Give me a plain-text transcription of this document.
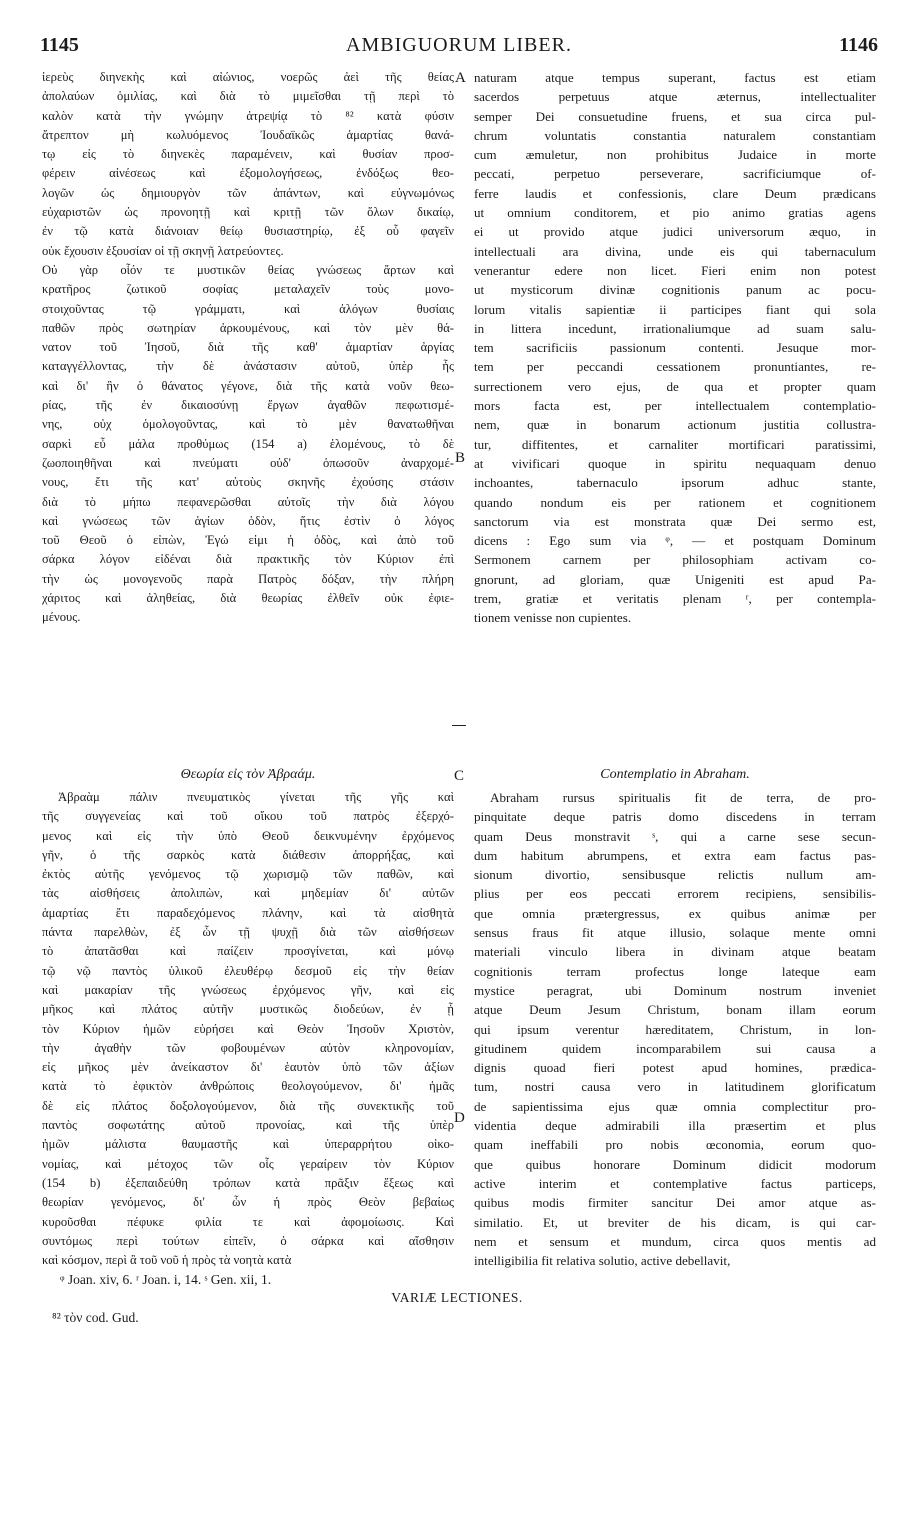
1145	AMBIGUORUM LIBER.	1146
ἱερεὺς διηνεκὴς καὶ αἰώνιος, νοερῶς ἀεὶ τῆς θείας
ἀπολαύων ὁμιλίας, καὶ διὰ τὸ μιμεῖσθαι τῇ περὶ τὸ
καλὸν κατὰ τὴν γνώμην ἀτρεψίᾳ τὸ ⁸² κατὰ φύσιν
ἄτρεπτον μὴ κωλυόμενος Ἰουδαϊκῶς ἁμαρτίας θανά-
τῳ εἰς τὸ διηνεκὲς παραμένειν, καὶ θυσίαν προσ-
φέρειν αἰνέσεως καὶ ἐξομολογήσεως, ἐνδόξως θεο-
λογῶν ὡς δημιουργὸν τῶν ἁπάντων, καὶ εὐγνωμόνως
εὐχαριστῶν ὡς προνοητῇ καὶ κριτῇ τῶν ὅλων δικαίῳ,
ἐν τῷ κατὰ διάνοιαν θείῳ θυσιαστηρίῳ, ἐξ οὗ φαγεῖν
οὐκ ἔχουσιν ἐξουσίαν οἱ τῇ σκηνῇ λατρεύοντες.
Οὐ γὰρ οἷόν τε μυστικῶν θείας γνώσεως ἄρτων καὶ
κρατῆρος ζωτικοῦ σοφίας μεταλαχεῖν τοὺς μονο-
στοιχοῦντας τῷ γράμματι, καὶ ἀλόγων θυσίαις
παθῶν πρὸς σωτηρίαν ἀρκουμένους, καὶ τὸν μὲν θά-
νατον τοῦ Ἰησοῦ, διὰ τῆς καθ' ἁμαρτίαν ἀργίας
καταγγέλλοντας, τὴν δὲ ἀνάστασιν αὐτοῦ, ὑπὲρ ἧς
καὶ δι' ἣν ὁ θάνατος γέγονε, διὰ τῆς κατὰ νοῦν θεω-
ρίας, τῆς ἐν δικαιοσύνῃ ἔργων ἀγαθῶν πεφωτισμέ-
νης, οὐχ ὁμολογοῦντας, καὶ τὸ μὲν θανατωθῆναι
σαρκὶ εὖ μάλα προθύμως (154 a) ἑλομένους, τὸ δὲ
ζωοποιηθῆναι καὶ πνεύματι οὐδ' ὁπωσοῦν ἀναρχομέ-
νους, ἔτι τῆς κατ' αὐτοὺς σκηνῆς ἐχούσης στάσιν
διὰ τὸ μήπω πεφανερῶσθαι αὐτοῖς τὴν διὰ λόγου
καὶ γνώσεως τῶν ἁγίων ὁδὸν, ἥτις ἐστὶν ὁ λόγος
τοῦ Θεοῦ ὁ εἰπὼν, Ἐγώ εἰμι ἡ ὁδὸς, καὶ ἀπὸ τοῦ
σάρκα λόγον εἰδέναι διὰ πρακτικῆς τὸν Κύριον ἐπὶ
τὴν ὡς μονογενοῦς παρὰ Πατρὸς δόξαν, τὴν πλήρη
χάριτος καὶ ἀληθείας, διὰ θεωρίας ἐλθεῖν οὐκ ἐφιε-
μένους.
naturam atque tempus superant, factus est etiam
sacerdos perpetuus atque æternus, intellectualiter
semper Dei consuetudine fruens, et sua circa pul-
chrum voluntatis constantia naturalem constantiam
cum æmuletur, non prohibitus Judaice in morte
peccati, perpetuo perseverare, sacrificiumque of-
ferre laudis et confessionis, clare Deum prædicans
ut omnium conditorem, et pio animo gratias agens
ei ut provido atque judici universorum æquo, in
intellectuali ara divina, unde eis qui tabernaculum
venerantur edere non licet. Fieri enim non potest
ut mysticorum divinæ cognitionis panum ac pocu-
lorum vitalis sapientiæ ii participes fiant qui sola
in littera incedunt, irrationaliumque ad suam salu-
tem sacrificiis passionum contenti. Jesuque mor-
tem per peccandi cessationem pronuntiantes, re-
surrectionem vero ejus, de qua et propter quam
mors facta est, per intellectualem contemplatio-
nem, quæ in bonarum actionum justitia collustra-
tur, diffitentes, et carnaliter mortificari paratissimi,
at vivificari quoque in spiritu nequaquam denuo
inchoantes, tabernaculo ipsorum adhuc stante,
quando nondum eis per rationem et cognitionem
sanctorum via est monstrata quæ Dei sermo est,
dicens : Ego sum via ᵠ, — et postquam Dominum
Sermonem carnem per philosophiam activam co-
gnorunt, ad gloriam, quæ Unigeniti est apud Pa-
trem, gratiæ et veritatis plenam ʳ, per contempla-
tionem venisse non cupientes.
A
B
C
D
Θεωρία εἰς τὸν Ἀβραάμ.
Ἀβραὰμ πάλιν πνευματικὸς γίνεται τῆς γῆς καὶ
τῆς συγγενείας καὶ τοῦ οἴκου τοῦ πατρὸς ἐξερχό-
μενος καὶ εἰς τὴν ὑπὸ Θεοῦ δεικνυμένην ἐρχόμενος
γῆν, ὁ τῆς σαρκὸς κατὰ διάθεσιν ἀπορρήξας, καὶ
ἐκτὸς αὐτῆς γενόμενος τῷ χωρισμῷ τῶν παθῶν, καὶ
τὰς αἰσθήσεις ἀπολιπὼν, καὶ μηδεμίαν δι' αὐτῶν
ἁμαρτίας ἔτι παραδεχόμενος πλάνην, καὶ τὰ αἰσθητὰ
πάντα παρελθὼν, ἐξ ὧν τῇ ψυχῇ διὰ τῶν αἰσθήσεων
τὸ ἀπατᾶσθαι καὶ παίζειν προσγίνεται, καὶ μόνῳ
τῷ νῷ παντὸς ὑλικοῦ ἐλευθέρῳ δεσμοῦ εἰς τὴν θείαν
καὶ μακαρίαν τῆς γνώσεως ἐρχόμενος γῆν, καὶ εἰς
μῆκος καὶ πλάτος αὐτῆν μυστικῶς διοδεύων, ἐν ᾗ
τὸν Κύριον ἡμῶν εὑρήσει καὶ Θεὸν Ἰησοῦν Χριστὸν,
τὴν ἀγαθὴν τῶν φοβουμένων αὐτὸν κληρονομίαν,
εἰς μῆκος μὲν ἀνείκαστον δι' ἑαυτὸν ὑπὸ τῶν ἀξίων
κατὰ τὸ ἐφικτὸν ἀνθρώποις θεολογούμενον, δι' ἡμᾶς
δὲ εἰς πλάτος δοξολογούμενον, διὰ τῆς συνεκτικῆς τοῦ
παντὸς σοφωτάτης αὐτοῦ προνοίας, καὶ τῆς ὑπὲρ
ἡμῶν μάλιστα θαυμαστῆς καὶ ὑπεραρρήτου οἰκο-
νομίας, καὶ μέτοχος τῶν οἷς γεραίρειν τὸν Κύριον
(154 b) ἐξεπαιδεύθη τρόπων κατὰ πρᾶξιν ἕξεως καὶ
θεωρίαν γενόμενος, δι' ὧν ἡ πρὸς Θεὸν βεβαίως
κυροῦσθαι πέφυκε φιλία τε καὶ ἀφομοίωσις. Καὶ
συντόμως περὶ τούτων εἰπεῖν, ὁ σάρκα καὶ αἴσθησιν
καὶ κόσμον, περὶ ἃ τοῦ νοῦ ἡ πρὸς τὰ νοητὰ κατὰ
Contemplatio in Abraham.
Abraham rursus spiritualis fit de terra, de pro-
pinquitate deque patris domo discedens in terram
quam Deus monstravit ˢ, qui a carne sese secun-
dum habitum abrumpens, et extra eam factus pas-
sionum divortio, sensibusque relictis nullum am-
plius per eos peccati errorem recipiens, sensibilis-
que omnia prætergressus, ex quibus animæ per
sensus fraus fit atque illusio, solaque mente omni
materiali vinculo libera in divinam atque beatam
cognitionis terram profectus longe lateque eam
mystice peragrat, ubi Dominum nostrum inveniet
atque Deum Jesum Christum, bonam illam eorum
qui ipsum verentur hæreditatem, Christum, in lon-
gitudinem quidem incomparabilem sui causa a
dignis quoad fieri potest apud homines, prædica-
tum, nostri causa vero in latitudinem glorificatum
de sapientissima ejus quæ omnia complectitur pro-
videntia deque admirabili illa præsertim et plus
quam ineffabili pro nobis œconomia, eorum quo-
que quibus honorare Dominum didicit modorum
active interim et contemplative factus particeps,
quibus modis firmiter sancitur Dei amor atque as-
similatio. Et, ut breviter de his dicam, is qui car-
nem et sensum et mundum, circa quos mentis ad
intelligibilia fit relativa solutio, active debellavit,
ᵠ Joan. xiv, 6. ʳ Joan. i, 14. ˢ Gen. xii, 1.
VARIÆ LECTIONES.
⁸² τὸν cod. Gud.
